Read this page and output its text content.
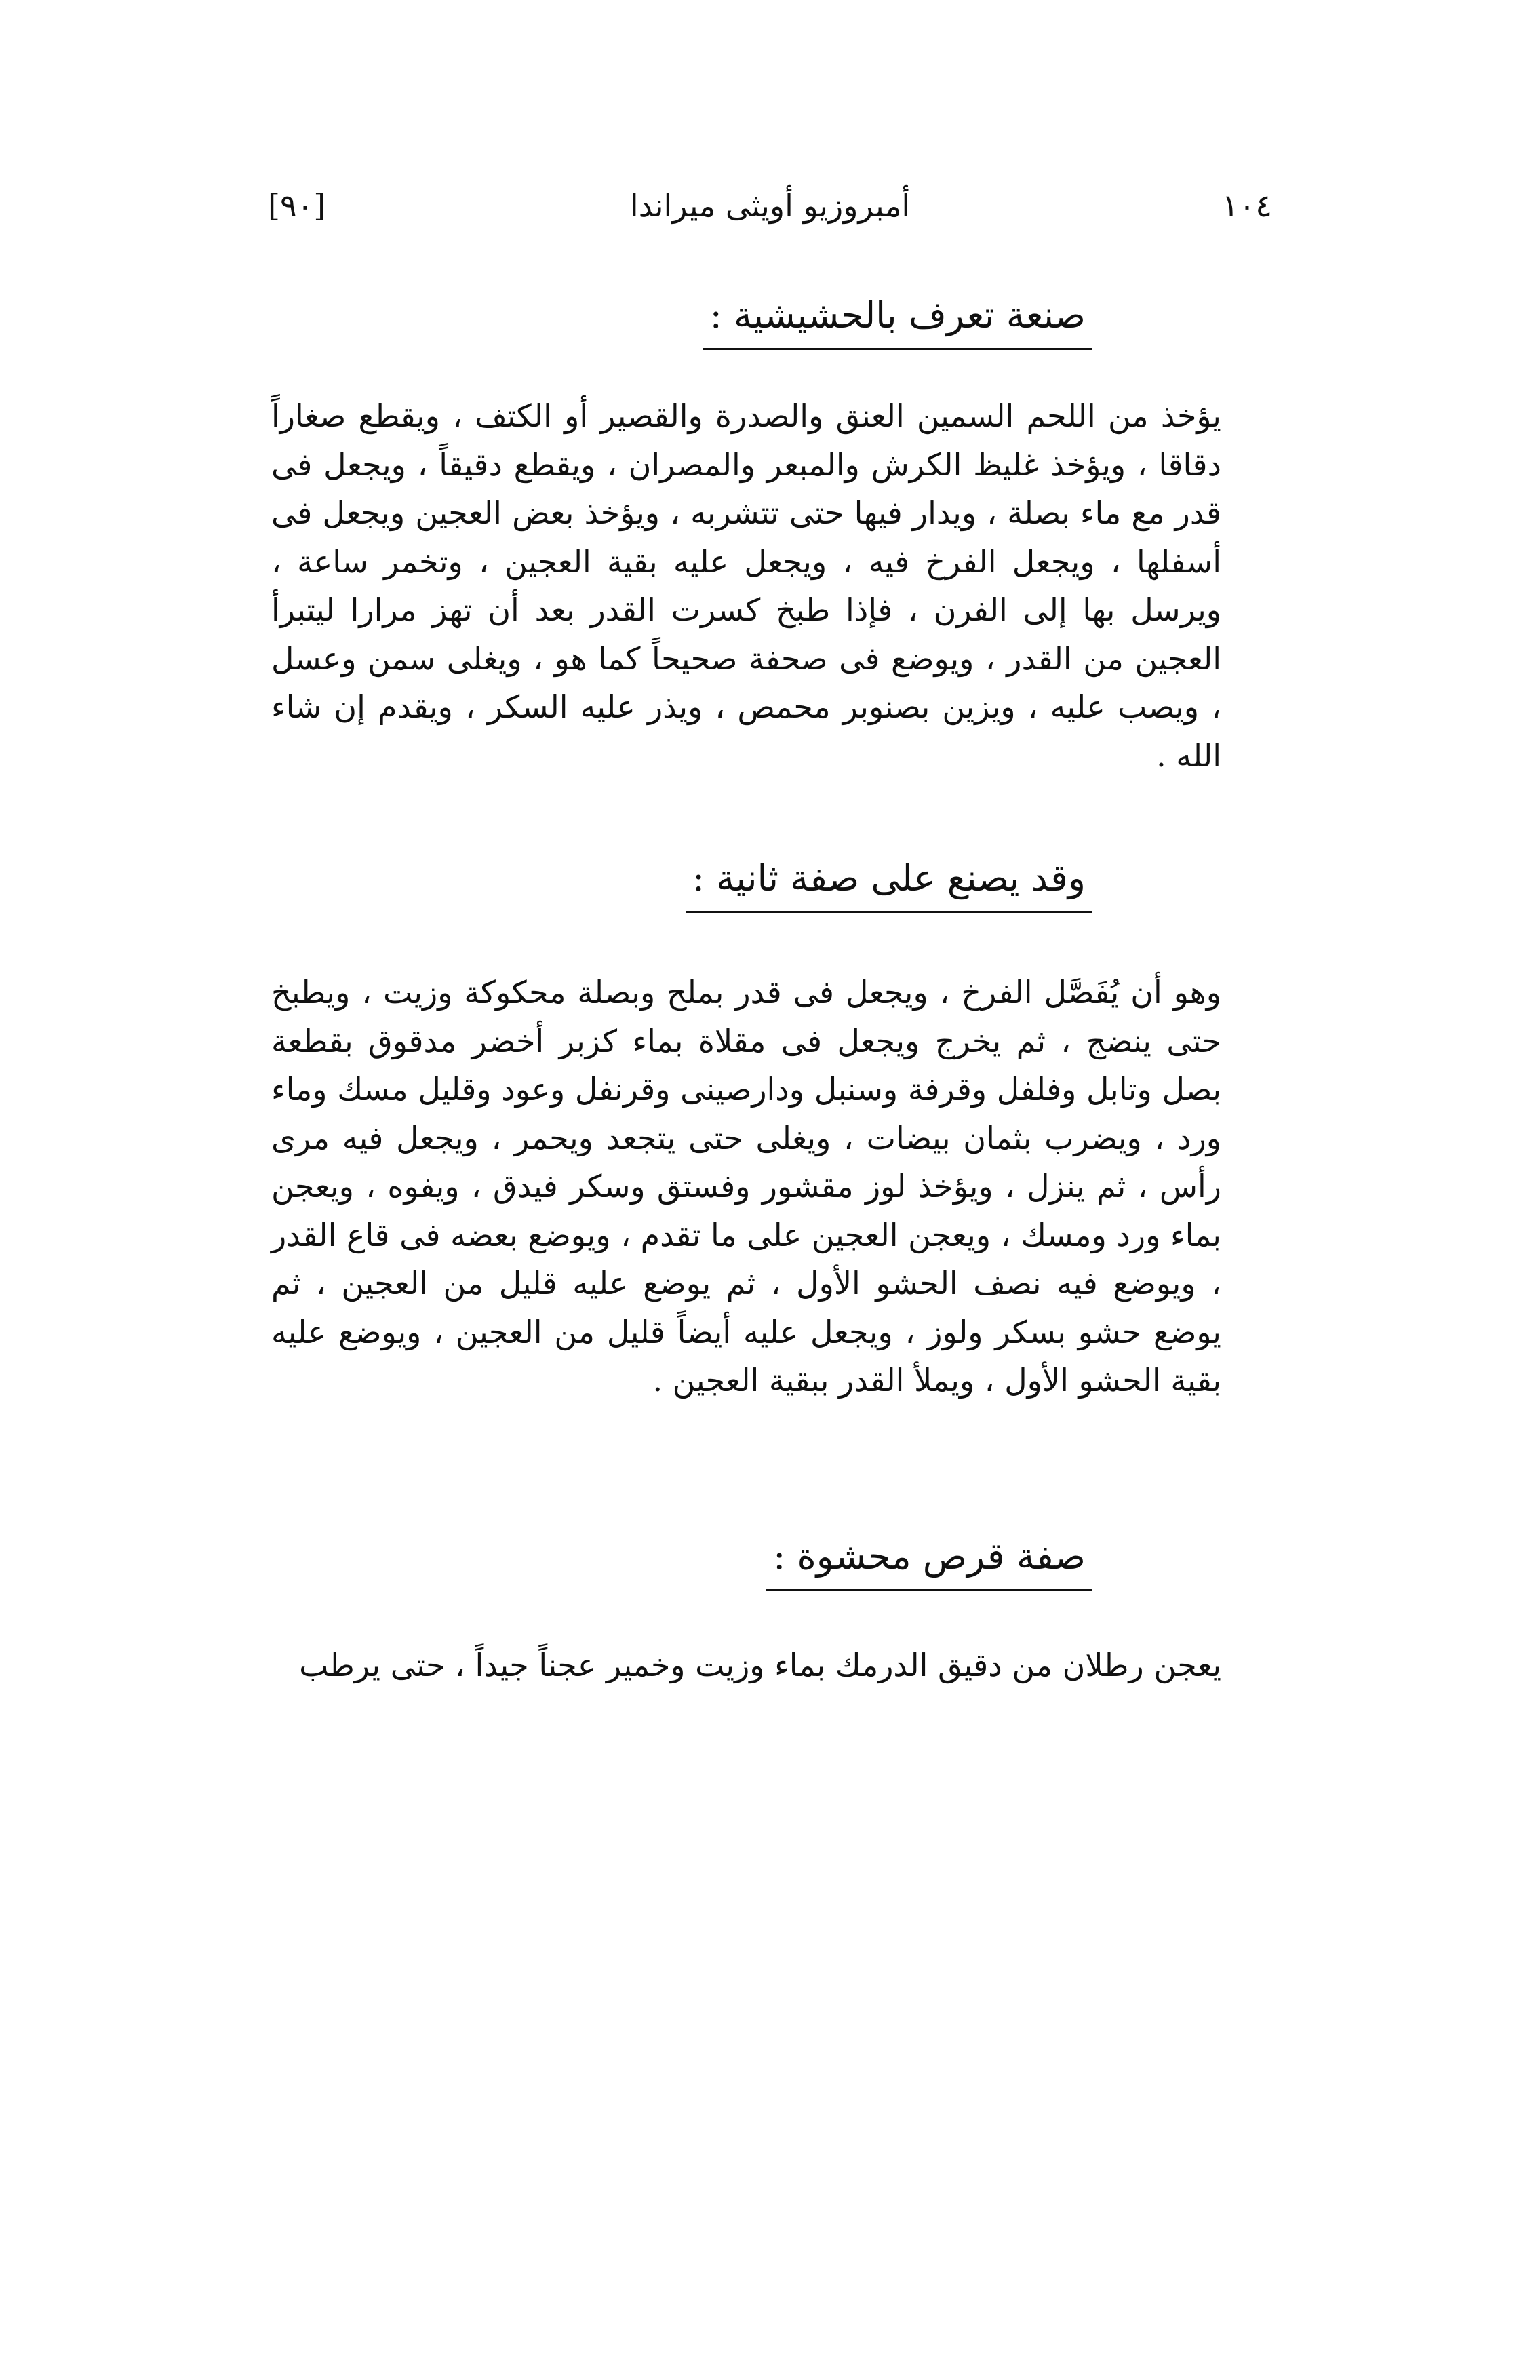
١٠٤
أمبروزيو أويثى ميراندا
[٩٠]
صنعة تعرف بالحشيشية :

يؤخذ من اللحم السمين العنق والصدرة والقصير أو الكتف ، ويقطع صغاراً دقاقا ، ويؤخذ غليظ الكرش والمبعر والمصران ، ويقطع دقيقاً ، ويجعل فى قدر مع ماء بصلة ، ويدار فيها حتى تتشربه ، ويؤخذ بعض العجين ويجعل فى أسفلها ، ويجعل الفرخ فيه ، ويجعل عليه بقية العجين ، وتخمر ساعة ، ويرسل بها إلى الفرن ، فإذا طبخ كسرت القدر بعد أن تهز مرارا ليتبرأ العجين من القدر ، ويوضع فى صحفة صحيحاً كما هو ، ويغلى سمن وعسل ، ويصب عليه ، ويزين بصنوبر محمص ، ويذر عليه السكر ، ويقدم إن شاء الله .

وقد يصنع على صفة ثانية :

وهو أن يُفَصَّل الفرخ ، ويجعل فى قدر بملح وبصلة محكوكة وزيت ، ويطبخ حتى ينضج ، ثم يخرج ويجعل فى مقلاة بماء كزبر أخضر مدقوق بقطعة بصل وتابل وفلفل وقرفة وسنبل ودارصينى وقرنفل وعود وقليل مسك وماء ورد ، ويضرب بثمان بيضات ، ويغلى حتى يتجعد ويحمر ، ويجعل فيه مرى رأس ، ثم ينزل ، ويؤخذ لوز مقشور وفستق وسكر فيدق ، ويفوه ، ويعجن بماء ورد ومسك ، ويعجن العجين على ما تقدم ، ويوضع بعضه فى قاع القدر ، ويوضع فيه نصف الحشو الأول ، ثم يوضع عليه قليل من العجين ، ثم يوضع حشو بسكر ولوز ، ويجعل عليه أيضاً قليل من العجين ، ويوضع عليه بقية الحشو الأول ، ويملأ القدر ببقية العجين .

صفة قرص محشوة :

يعجن رطلان من دقيق الدرمك بماء وزيت وخمير عجناً جيداً ، حتى يرطب
